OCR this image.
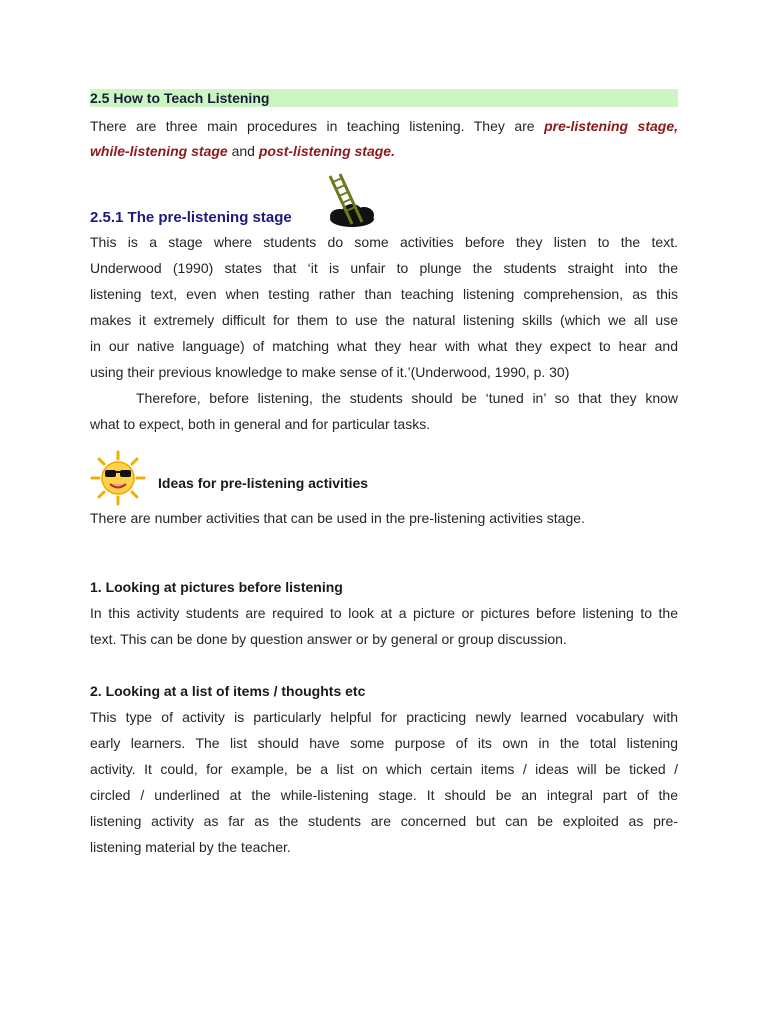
2.5 How to Teach Listening
There are three main procedures in teaching listening. They are pre-listening stage,
while-listening stage and post-listening stage.
2.5.1 The pre-listening stage
This is a stage where students do some activities before they listen to the text.
Underwood (1990) states that ‘it is unfair to plunge the students straight into the
listening text, even when testing rather than teaching listening comprehension, as this
makes it extremely difficult for them to use the natural listening skills (which we all use
in our native language) of matching what they hear with what they expect to hear and
using their previous knowledge to make sense of it.’(Underwood, 1990, p. 30)
Therefore, before listening, the students should be ‘tuned in’ so that they know
what to expect, both in general and for particular tasks.
Ideas for pre-listening activities
There are number activities that can be used in the pre-listening activities stage.
1. Looking at pictures before listening
In this activity students are required to look at a picture or pictures before listening to the
text. This can be done by question answer or by general or group discussion.
2. Looking at a list of items / thoughts etc
This type of activity is particularly helpful for practicing newly learned vocabulary with
early learners. The list should have some purpose of its own in the total listening
activity. It could, for example, be a list on which certain items / ideas will be ticked /
circled / underlined at the while-listening stage. It should be an integral part of the
listening activity as far as the students are concerned but can be exploited as pre-
listening material by the teacher.
